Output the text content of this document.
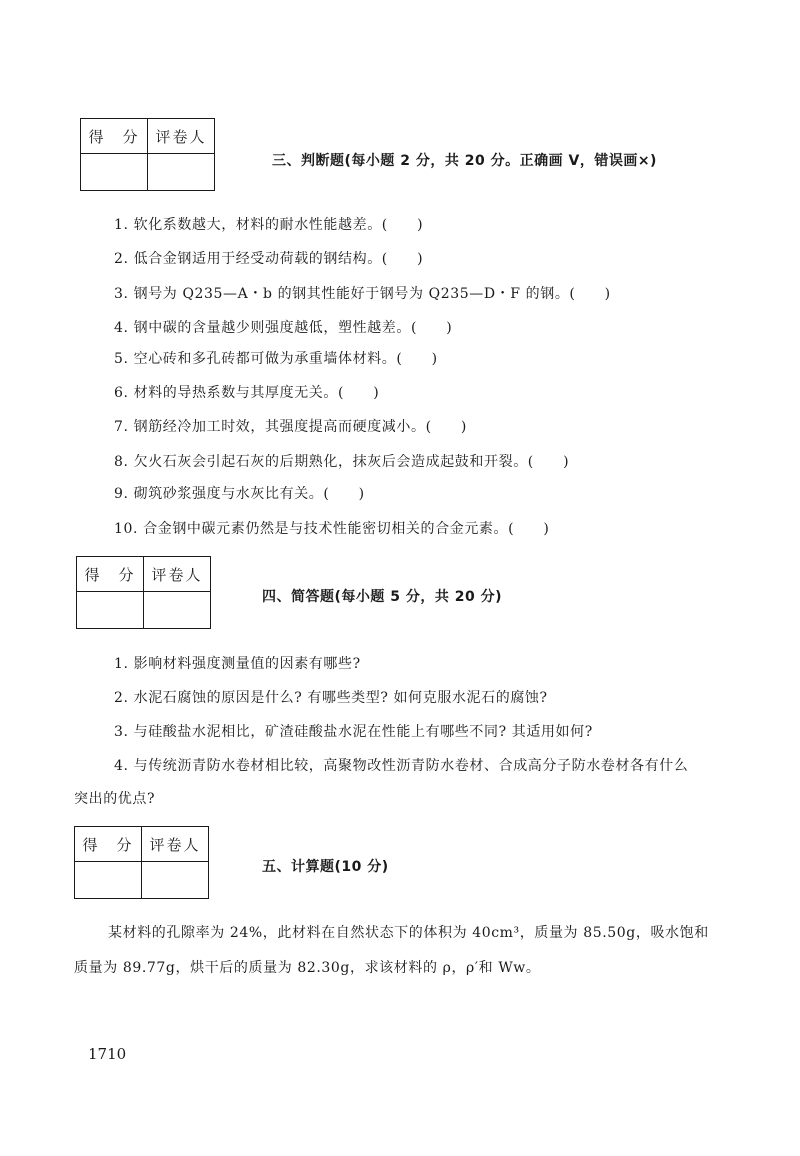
得　分	评卷人

三、判断题(每小题 2 分，共 20 分。正确画 V，错误画×)
1. 软化系数越大，材料的耐水性能越差。(　　)
2. 低合金钢适用于经受动荷载的钢结构。(　　)
3. 钢号为 Q235—A・b 的钢其性能好于钢号为 Q235—D・F 的钢。(　　)
4. 钢中碳的含量越少则强度越低，塑性越差。(　　)
5. 空心砖和多孔砖都可做为承重墙体材料。(　　)
6. 材料的导热系数与其厚度无关。(　　)
7. 钢筋经冷加工时效，其强度提高而硬度减小。(　　)
8. 欠火石灰会引起石灰的后期熟化，抹灰后会造成起鼓和开裂。(　　)
9. 砌筑砂浆强度与水灰比有关。(　　)
10. 合金钢中碳元素仍然是与技术性能密切相关的合金元素。(　　)
得　分	评卷人

四、简答题(每小题 5 分，共 20 分)
1. 影响材料强度测量值的因素有哪些?
2. 水泥石腐蚀的原因是什么? 有哪些类型? 如何克服水泥石的腐蚀?
3. 与硅酸盐水泥相比，矿渣硅酸盐水泥在性能上有哪些不同? 其适用如何?
4. 与传统沥青防水卷材相比较，高聚物改性沥青防水卷材、合成高分子防水卷材各有什么
突出的优点?
得　分	评卷人

五、计算题(10 分)
某材料的孔隙率为 24%，此材料在自然状态下的体积为 40cm³，质量为 85.50g，吸水饱和
质量为 89.77g，烘干后的质量为 82.30g，求该材料的 ρ，ρ′和 Ww。
1710
